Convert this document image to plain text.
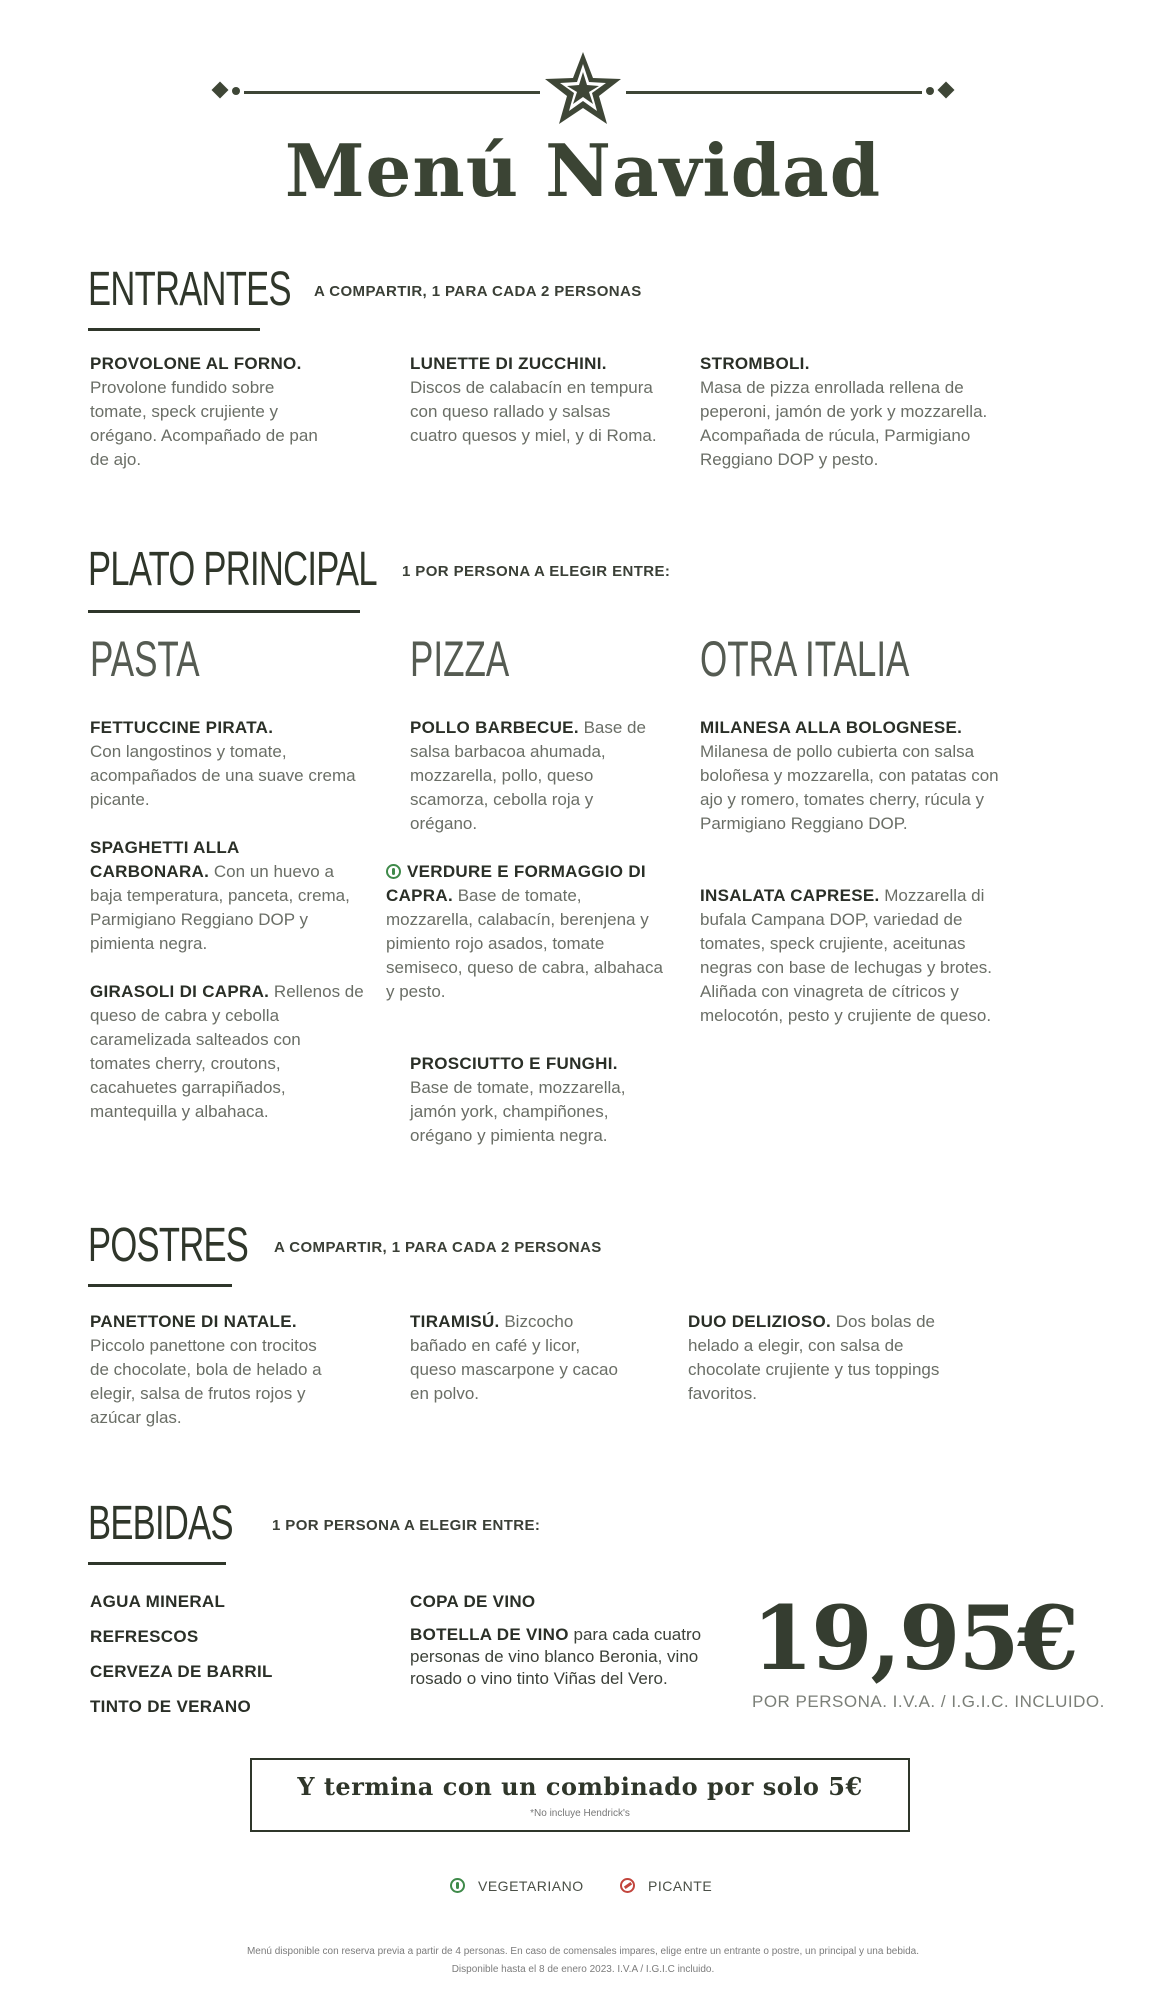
Menú Navidad
ENTRANTES A COMPARTIR, 1 PARA CADA 2 PERSONAS
PROVOLONE AL FORNO.
Provolone fundido sobre tomate, speck crujiente y orégano. Acompañado de pan de ajo.
LUNETTE DI ZUCCHINI.
Discos de calabacín en tempura con queso rallado y salsas cuatro quesos y miel, y di Roma.
STROMBOLI.
Masa de pizza enrollada rellena de peperoni, jamón de york y mozzarella. Acompañada de rúcula, Parmigiano Reggiano DOP y pesto.
PLATO PRINCIPAL 1 POR PERSONA A ELEGIR ENTRE:
PASTA	PIZZA	OTRA ITALIA
FETTUCCINE PIRATA.
Con langostinos y tomate, acompañados de una suave crema picante.
SPAGHETTI ALLA CARBONARA. Con un huevo a baja temperatura, panceta, crema, Parmigiano Reggiano DOP y pimienta negra.
GIRASOLI DI CAPRA. Rellenos de queso de cabra y cebolla caramelizada salteados con tomates cherry, croutons, cacahuetes garrapiñados, mantequilla y albahaca.
POLLO BARBECUE. Base de salsa barbacoa ahumada, mozzarella, pollo, queso scamorza, cebolla roja y orégano.
VERDURE E FORMAGGIO DI CAPRA. Base de tomate, mozzarella, calabacín, berenjena y pimiento rojo asados, tomate semiseco, queso de cabra, albahaca y pesto.
PROSCIUTTO E FUNGHI.
Base de tomate, mozzarella, jamón york, champiñones, orégano y pimienta negra.
MILANESA ALLA BOLOGNESE.
Milanesa de pollo cubierta con salsa boloñesa y mozzarella, con patatas con ajo y romero, tomates cherry, rúcula y Parmigiano Reggiano DOP.
INSALATA CAPRESE. Mozzarella di bufala Campana DOP, variedad de tomates, speck crujiente, aceitunas negras con base de lechugas y brotes. Aliñada con vinagreta de cítricos y melocotón, pesto y crujiente de queso.
POSTRES A COMPARTIR, 1 PARA CADA 2 PERSONAS
PANETTONE DI NATALE.
Piccolo panettone con trocitos de chocolate, bola de helado a elegir, salsa de frutos rojos y azúcar glas.
TIRAMISÚ. Bizcocho bañado en café y licor, queso mascarpone y cacao en polvo.
DUO DELIZIOSO. Dos bolas de helado a elegir, con salsa de chocolate crujiente y tus toppings favoritos.
BEBIDAS	1 POR PERSONA A ELEGIR ENTRE:
AGUA MINERAL
REFRESCOS
CERVEZA DE BARRIL
TINTO DE VERANO
COPA DE VINO
BOTELLA DE VINO para cada cuatro personas de vino blanco Beronia, vino rosado o vino tinto Viñas del Vero. 19,95€
POR PERSONA. I.V.A. / I.G.I.C. INCLUIDO.
Y termina con un combinado por solo 5€
*No incluye Hendrick's
VEGETARIANO	PICANTE
Menú disponible con reserva previa a partir de 4 personas. En caso de comensales impares, elige entre un entrante o postre, un principal y una bebida.
Disponible hasta el 8 de enero 2023. I.V.A / I.G.I.C incluido.
